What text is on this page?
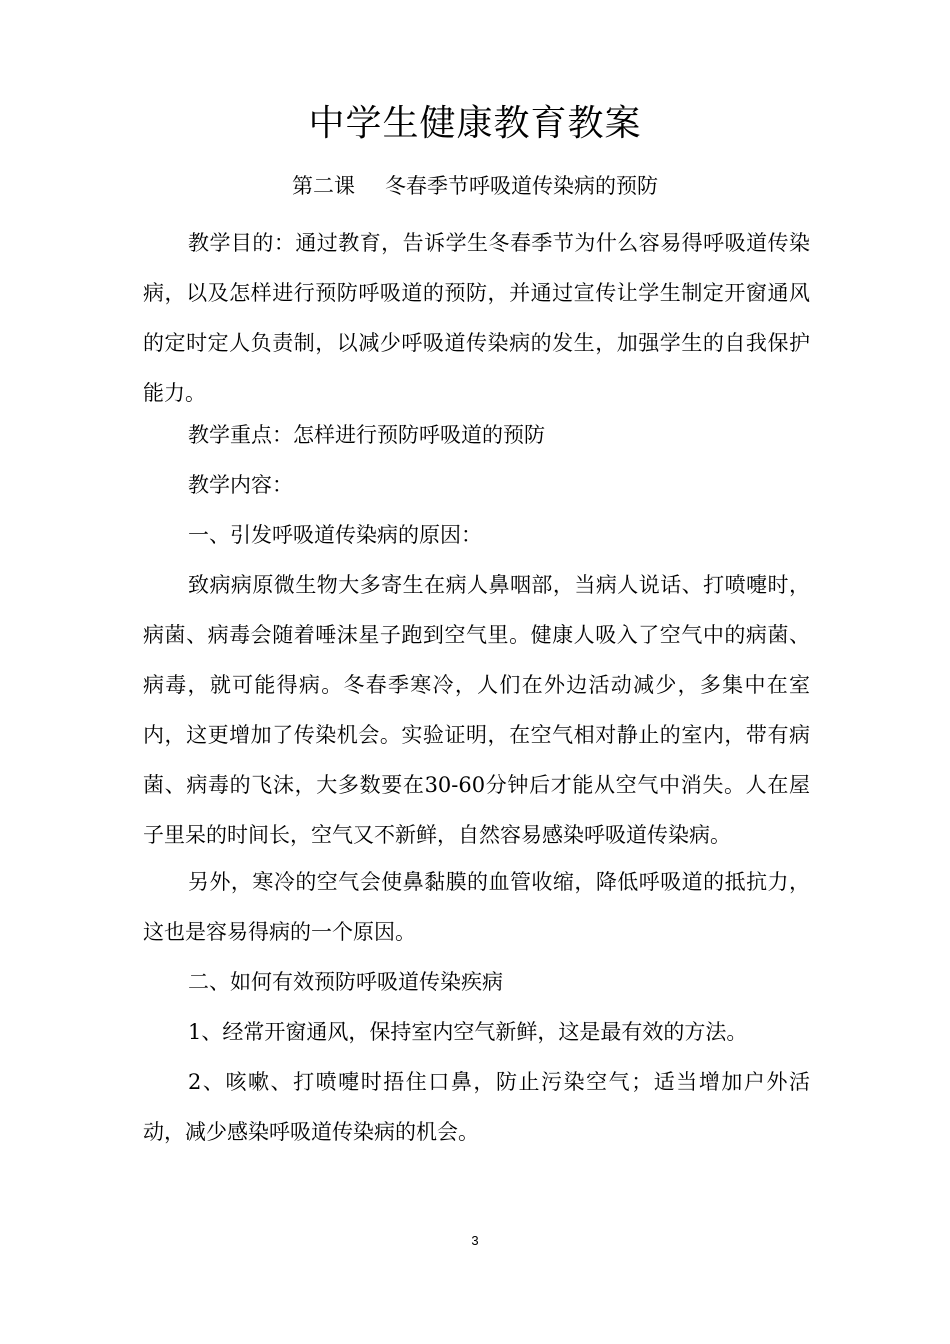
中学生健康教育教案
第二课 冬春季节呼吸道传染病的预防

教学目的：通过教育，告诉学生冬春季节为什么容易得呼吸道传染病，以及怎样进行预防呼吸道的预防，并通过宣传让学生制定开窗通风的定时定人负责制，以减少呼吸道传染病的发生，加强学生的自我保护能力。

教学重点：怎样进行预防呼吸道的预防

教学内容：

一、引发呼吸道传染病的原因：

致病病原微生物大多寄生在病人鼻咽部，当病人说话、打喷嚏时，病菌、病毒会随着唾沫星子跑到空气里。健康人吸入了空气中的病菌、病毒，就可能得病。冬春季寒冷，人们在外边活动减少，多集中在室内，这更增加了传染机会。实验证明，在空气相对静止的室内，带有病菌、病毒的飞沫，大多数要在30-60分钟后才能从空气中消失。人在屋子里呆的时间长，空气又不新鲜，自然容易感染呼吸道传染病。

另外，寒冷的空气会使鼻黏膜的血管收缩，降低呼吸道的抵抗力，这也是容易得病的一个原因。

二、如何有效预防呼吸道传染疾病

1、经常开窗通风，保持室内空气新鲜，这是最有效的方法。

2、咳嗽、打喷嚏时捂住口鼻，防止污染空气；适当增加户外活动，减少感染呼吸道传染病的机会。

3
